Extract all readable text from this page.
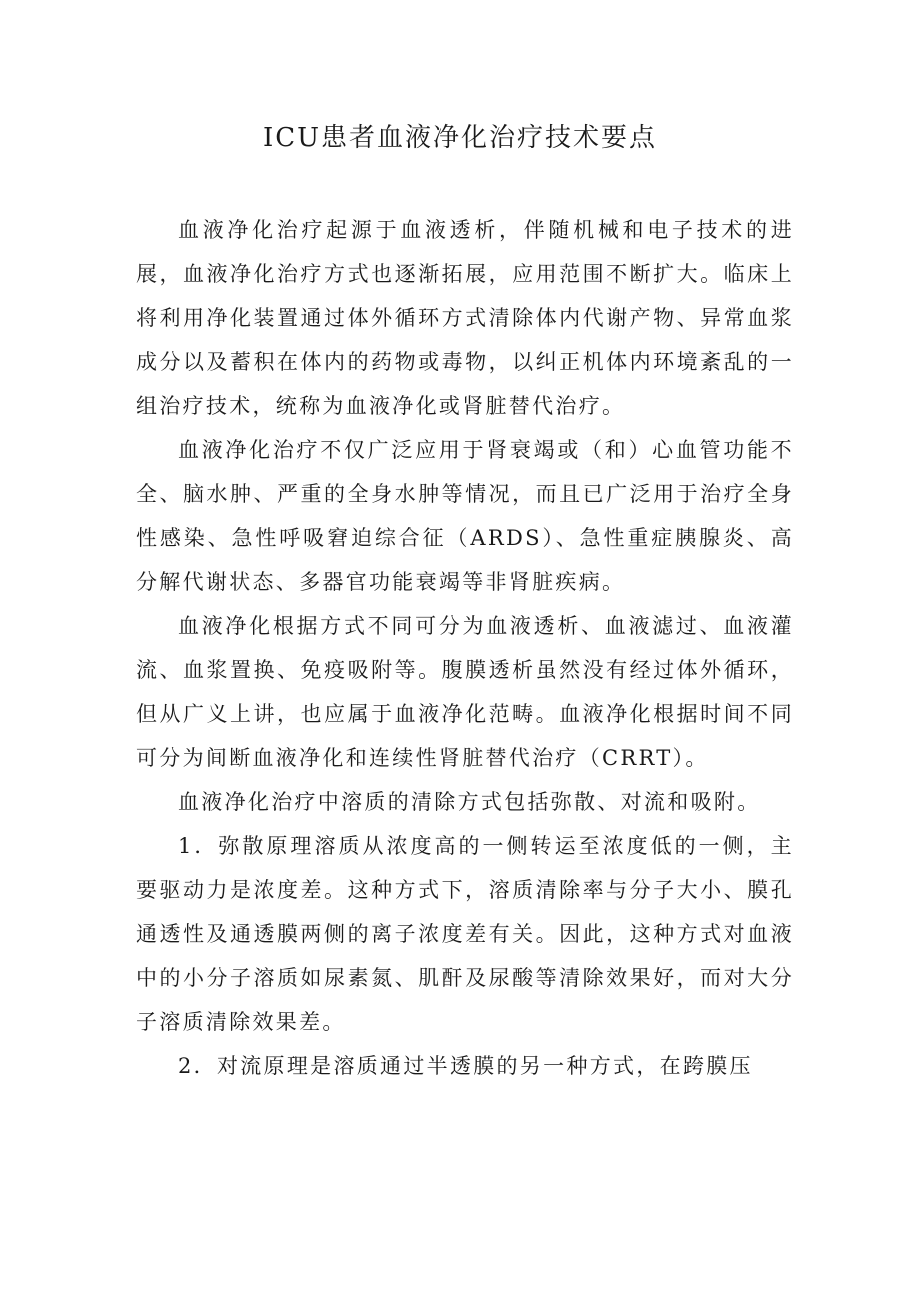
ICU患者血液净化治疗技术要点

血液净化治疗起源于血液透析，伴随机械和电子技术的进展，血液净化治疗方式也逐渐拓展，应用范围不断扩大。临床上将利用净化装置通过体外循环方式清除体内代谢产物、异常血浆成分以及蓄积在体内的药物或毒物，以纠正机体内环境紊乱的一组治疗技术，统称为血液净化或肾脏替代治疗。

血液净化治疗不仅广泛应用于肾衰竭或（和）心血管功能不全、脑水肿、严重的全身水肿等情况，而且已广泛用于治疗全身性感染、急性呼吸窘迫综合征（ARDS）、急性重症胰腺炎、高分解代谢状态、多器官功能衰竭等非肾脏疾病。

血液净化根据方式不同可分为血液透析、血液滤过、血液灌流、血浆置换、免疫吸附等。腹膜透析虽然没有经过体外循环，但从广义上讲，也应属于血液净化范畴。血液净化根据时间不同可分为间断血液净化和连续性肾脏替代治疗（CRRT）。

血液净化治疗中溶质的清除方式包括弥散、对流和吸附。

1．弥散原理溶质从浓度高的一侧转运至浓度低的一侧，主要驱动力是浓度差。这种方式下，溶质清除率与分子大小、膜孔通透性及通透膜两侧的离子浓度差有关。因此，这种方式对血液中的小分子溶质如尿素氮、肌酐及尿酸等清除效果好，而对大分子溶质清除效果差。

2．对流原理是溶质通过半透膜的另一种方式，在跨膜压
